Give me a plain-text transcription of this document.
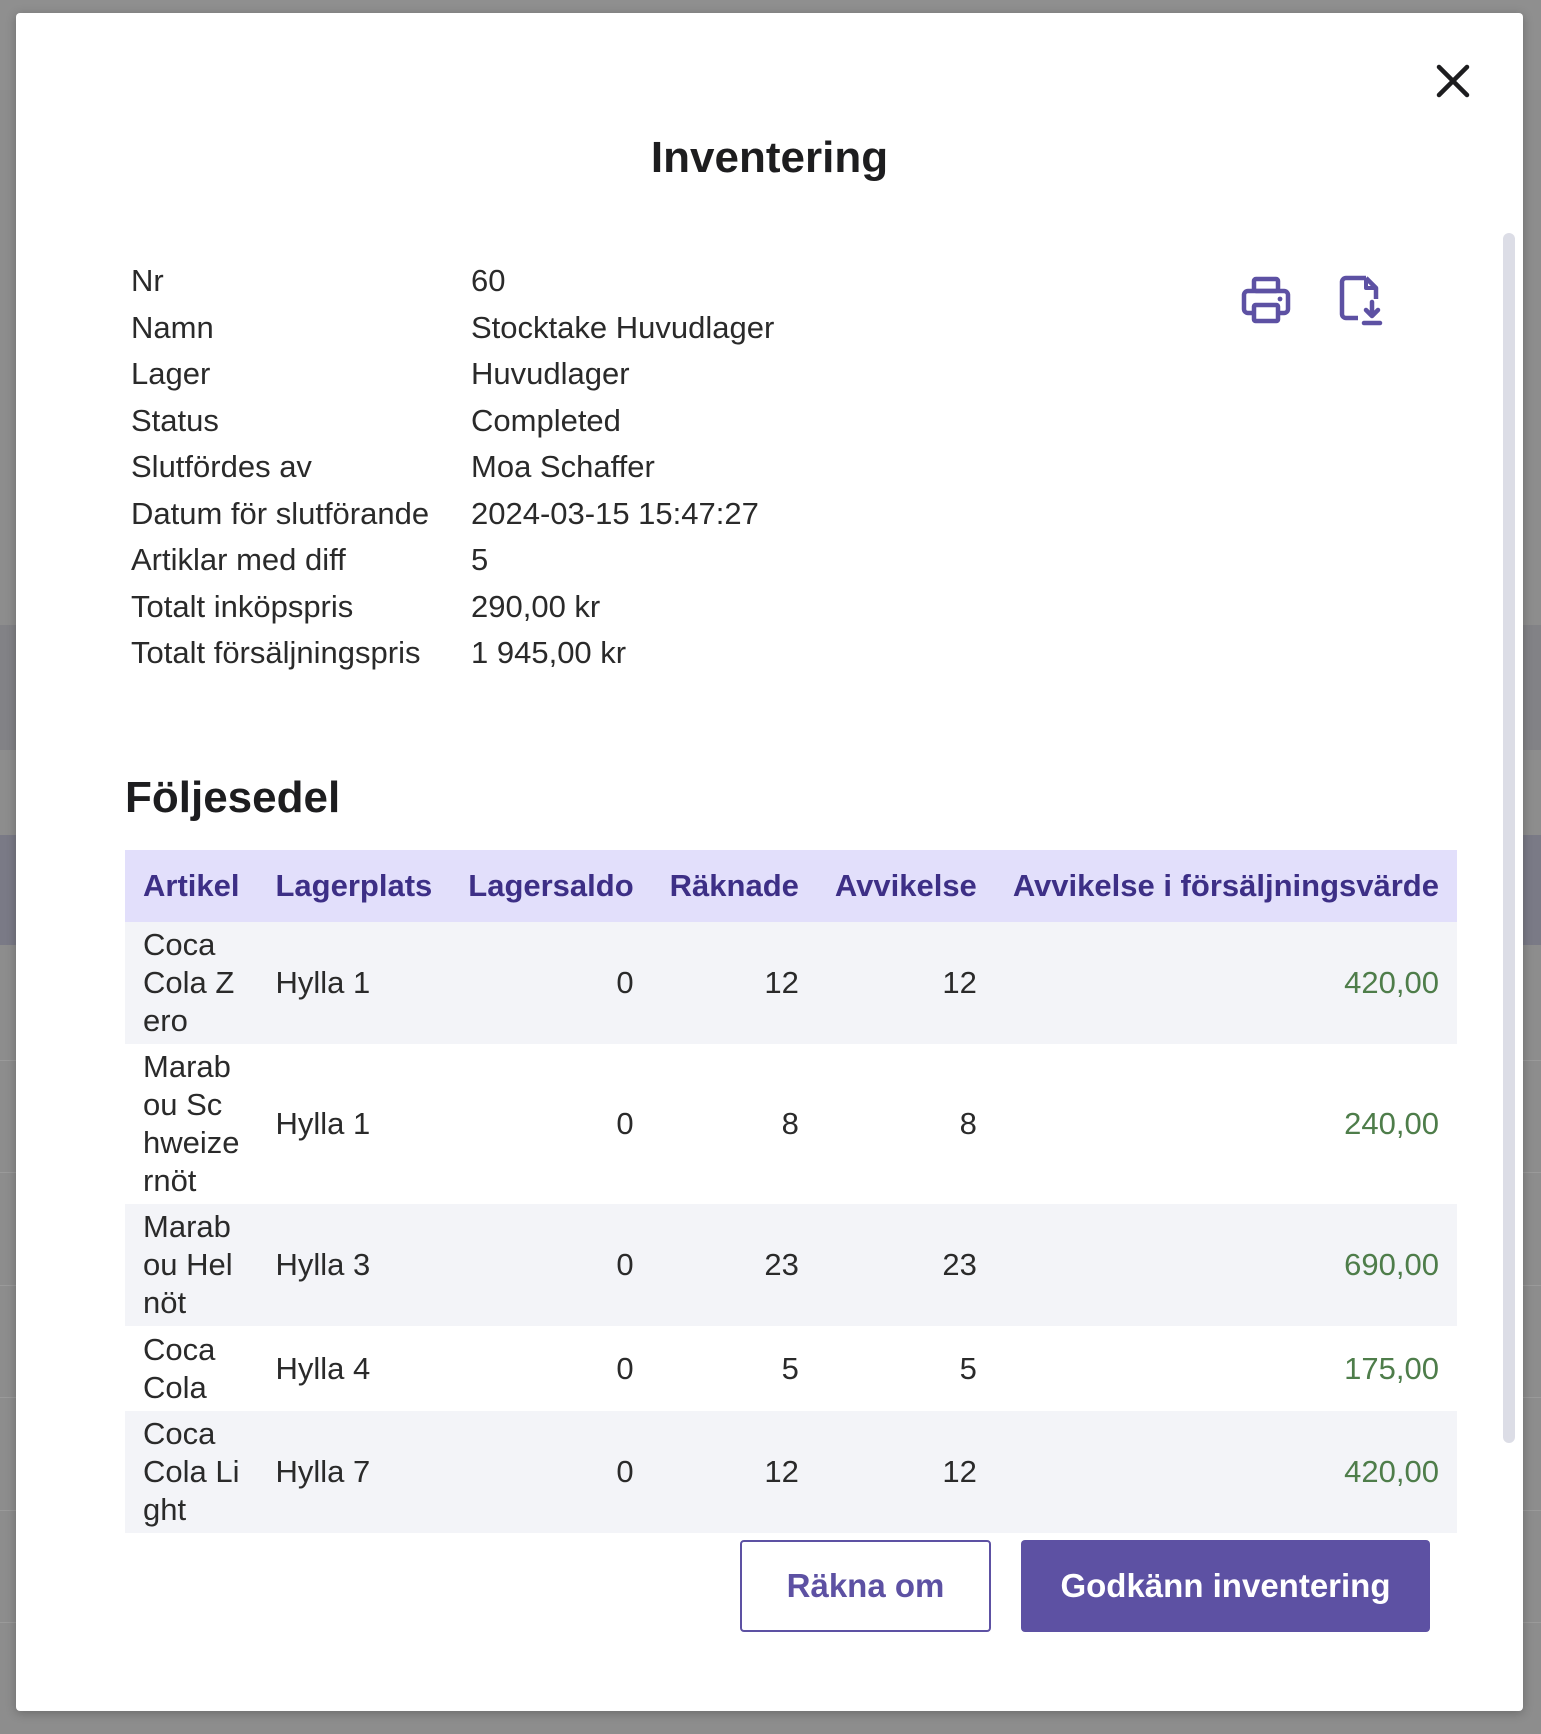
Inventering
Nr	60
Namn	Stocktake Huvudlager
Lager	Huvudlager
Status	Completed
Slutfördes av	Moa Schaffer
Datum för slutförande	2024-03-15 15:47:27
Artiklar med diff	5
Totalt inköpspris	290,00 kr
Totalt försäljningspris	1 945,00 kr
Följesedel
Artikel	Lagerplats	Lagersaldo	Räknade	Avvikelse	Avvikelse i försäljningsvärde
Coca Cola Zero	Hylla 1	0	12	12	420,00
Marabou Schweizernöt	Hylla 1	0	8	8	240,00
Marabou Helnöt	Hylla 3	0	23	23	690,00
Coca Cola	Hylla 4	0	5	5	175,00
Coca Cola Light	Hylla 7	0	12	12	420,00
Räkna om	Godkänn inventering
